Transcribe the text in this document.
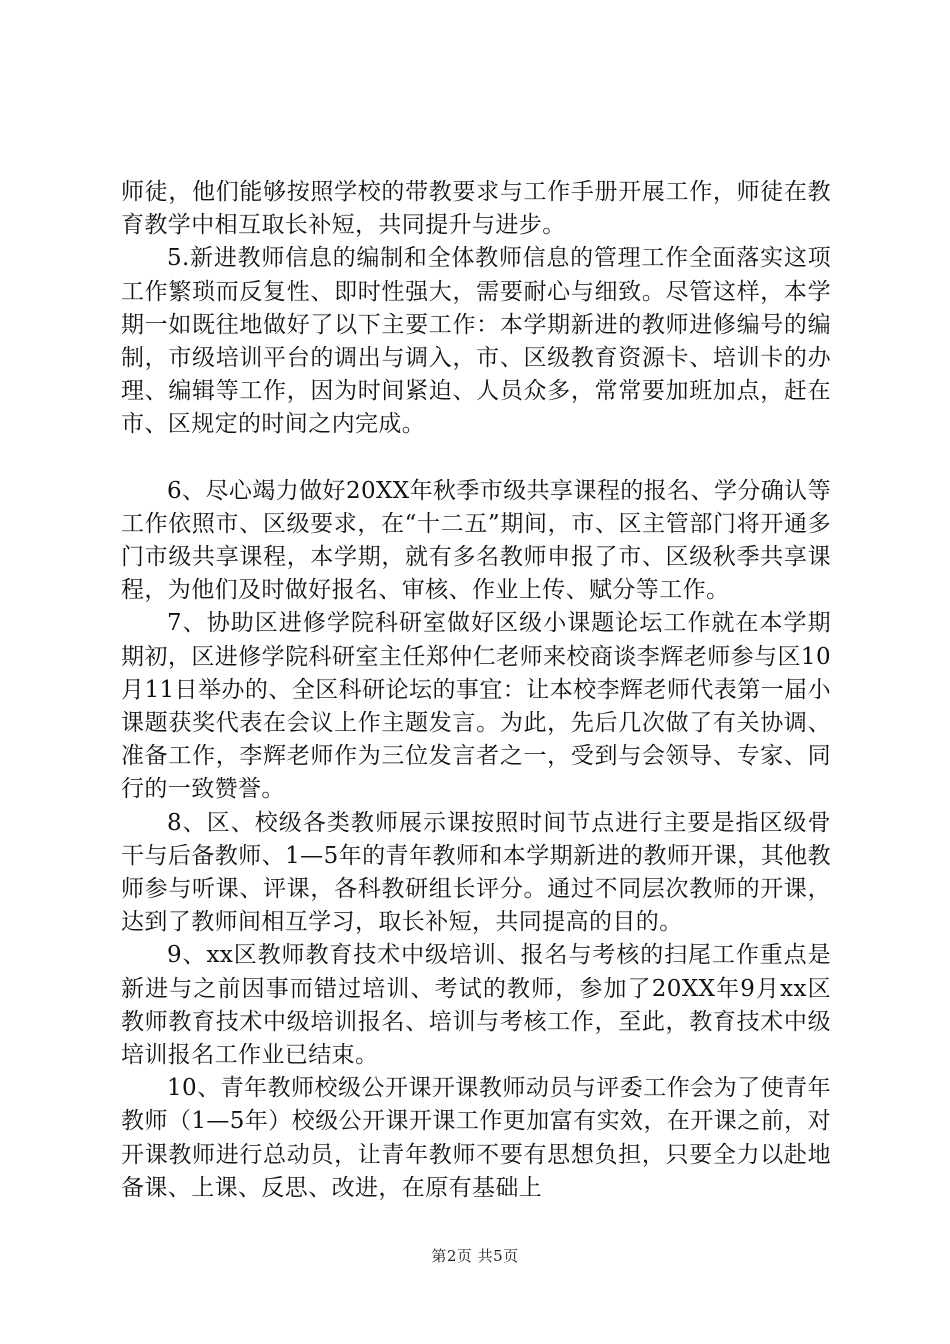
师徒，他们能够按照学校的带教要求与工作手册开展工作，师徒在教育教学中相互取长补短，共同提升与进步。

5.新进教师信息的编制和全体教师信息的管理工作全面落实这项工作繁琐而反复性、即时性强大，需要耐心与细致。尽管这样，本学期一如既往地做好了以下主要工作：本学期新进的教师进修编号的编制，市级培训平台的调出与调入，市、区级教育资源卡、培训卡的办理、编辑等工作，因为时间紧迫、人员众多，常常要加班加点，赶在市、区规定的时间之内完成。

6、尽心竭力做好20XX年秋季市级共享课程的报名、学分确认等工作依照市、区级要求，在“十二五”期间，市、区主管部门将开通多门市级共享课程，本学期，就有多名教师申报了市、区级秋季共享课程，为他们及时做好报名、审核、作业上传、赋分等工作。

7、协助区进修学院科研室做好区级小课题论坛工作就在本学期期初，区进修学院科研室主任郑仲仁老师来校商谈李辉老师参与区10月11日举办的、全区科研论坛的事宜：让本校李辉老师代表第一届小课题获奖代表在会议上作主题发言。为此，先后几次做了有关协调、准备工作，李辉老师作为三位发言者之一，受到与会领导、专家、同行的一致赞誉。

8、区、校级各类教师展示课按照时间节点进行主要是指区级骨干与后备教师、1—5年的青年教师和本学期新进的教师开课，其他教师参与听课、评课，各科教研组长评分。通过不同层次教师的开课，达到了教师间相互学习，取长补短，共同提高的目的。

9、xx区教师教育技术中级培训、报名与考核的扫尾工作重点是新进与之前因事而错过培训、考试的教师，参加了20XX年9月xx区教师教育技术中级培训报名、培训与考核工作，至此，教育技术中级培训报名工作业已结束。

10、青年教师校级公开课开课教师动员与评委工作会为了使青年教师（1—5年）校级公开课开课工作更加富有实效，在开课之前，对开课教师进行总动员，让青年教师不要有思想负担，只要全力以赴地备课、上课、反思、改进，在原有基础上

第2页 共5页
